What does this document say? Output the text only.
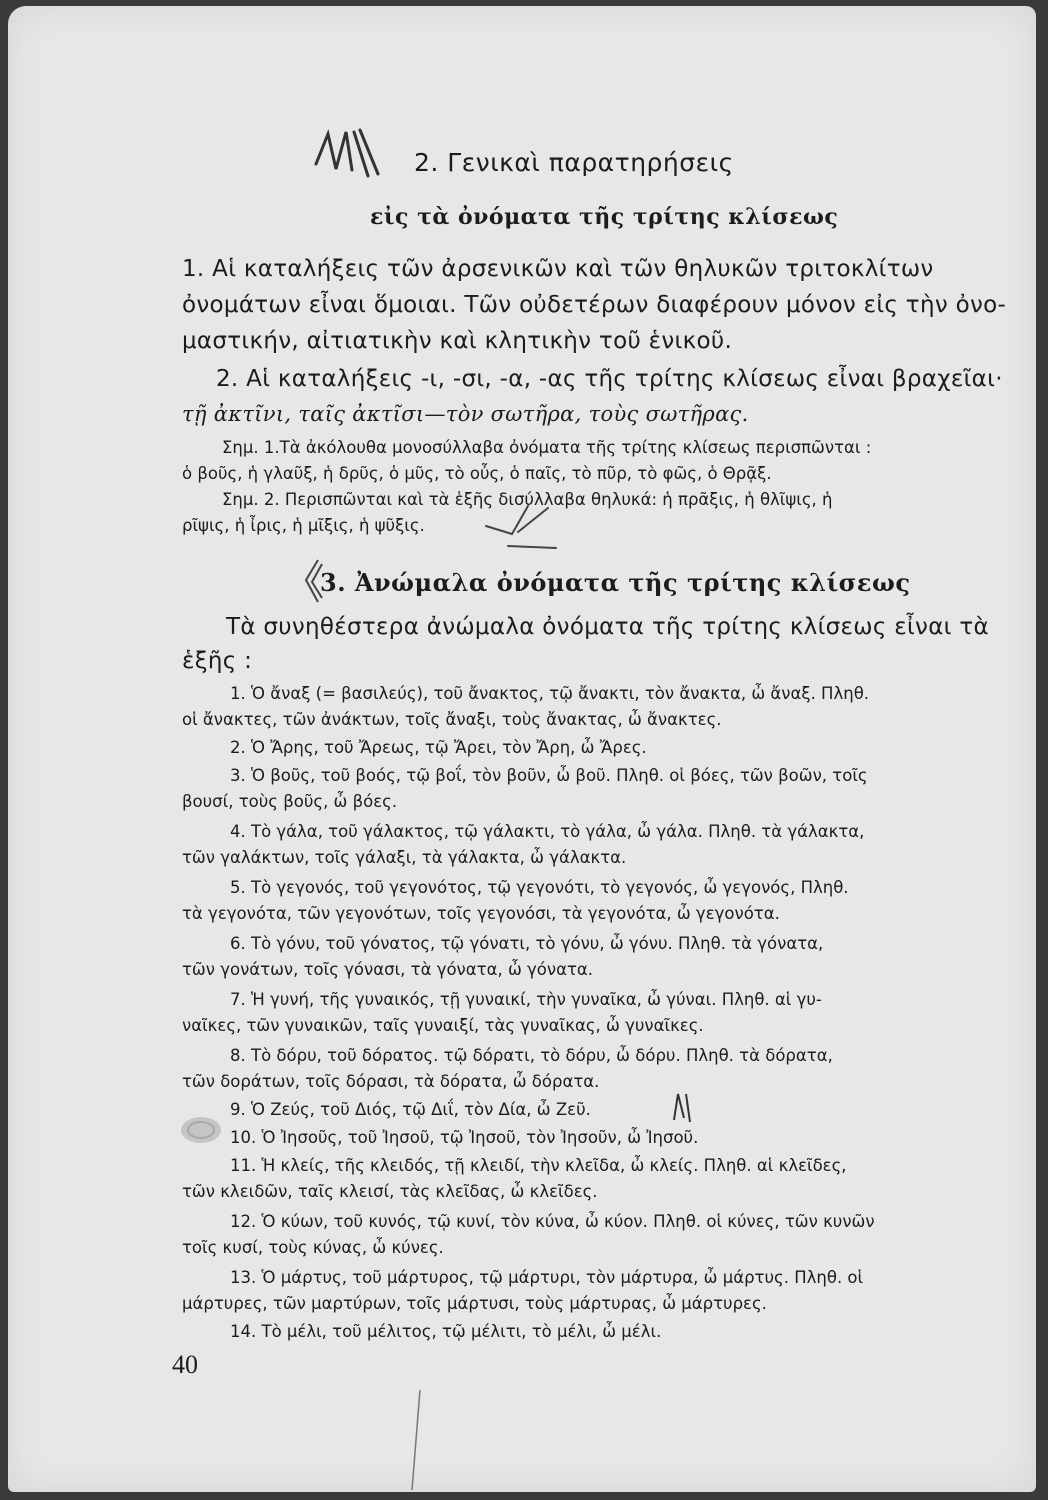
2. Γενικαὶ παρατηρήσεις
εἰς τὰ ὀνόματα τῆς τρίτης κλίσεως
1. Αἱ καταλήξεις τῶν ἀρσενικῶν καὶ τῶν θηλυκῶν τριτοκλίτων
ὀνομάτων εἶναι ὅμοιαι. Τῶν οὐδετέρων διαφέρουν μόνον εἰς τὴν ὀνο-
μαστικήν, αἰτιατικὴν καὶ κλητικὴν τοῦ ἑνικοῦ.
2. Αἱ καταλήξεις -ι, -σι, -α, -ας τῆς τρίτης κλίσεως εἶναι βραχεῖαι·
τῇ ἀκτῖνι, ταῖς ἀκτῖσι—τὸν σωτῆρα, τοὺς σωτῆρας.
Σημ. 1.Τὰ ἀκόλουθα μονοσύλλαβα ὀνόματα τῆς τρίτης κλίσεως περισπῶνται :
ὁ βοῦς, ἡ γλαῦξ, ἡ δρῦς, ὁ μῦς, τὸ οὖς, ὁ παῖς, τὸ πῦρ, τὸ φῶς, ὁ Θρᾷξ.
Σημ. 2. Περισπῶνται καὶ τὰ ἑξῆς δισύλλαβα θηλυκά: ἡ πρᾶξις, ἡ θλῖψις, ἡ
ρῖψις, ἡ ἶρις, ἡ μῖξις, ἡ ψῦξις.
3. Ἀνώμαλα ὀνόματα τῆς τρίτης κλίσεως
Τὰ συνηθέστερα ἀνώμαλα ὀνόματα τῆς τρίτης κλίσεως εἶναι τὰ
ἑξῆς :
1. Ὁ ἄναξ (= βασιλεύς), τοῦ ἄνακτος, τῷ ἄνακτι, τὸν ἄνακτα, ὦ ἄναξ. Πληθ.
οἱ ἄνακτες, τῶν ἀνάκτων, τοῖς ἄναξι, τοὺς ἄνακτας, ὦ ἄνακτες.
2. Ὁ Ἄρης, τοῦ Ἄρεως, τῷ Ἄρει, τὸν Ἄρη, ὦ Ἄρες.
3. Ὁ βοῦς, τοῦ βοός, τῷ βοΐ, τὸν βοῦν, ὦ βοῦ. Πληθ. οἱ βόες, τῶν βοῶν, τοῖς
βουσί, τοὺς βοῦς, ὦ βόες.
4. Τὸ γάλα, τοῦ γάλακτος, τῷ γάλακτι, τὸ γάλα, ὦ γάλα. Πληθ. τὰ γάλακτα,
τῶν γαλάκτων, τοῖς γάλαξι, τὰ γάλακτα, ὦ γάλακτα.
5. Τὸ γεγονός, τοῦ γεγονότος, τῷ γεγονότι, τὸ γεγονός, ὦ γεγονός, Πληθ.
τὰ γεγονότα, τῶν γεγονότων, τοῖς γεγονόσι, τὰ γεγονότα, ὦ γεγονότα.
6. Τὸ γόνυ, τοῦ γόνατος, τῷ γόνατι, τὸ γόνυ, ὦ γόνυ. Πληθ. τὰ γόνατα,
τῶν γονάτων, τοῖς γόνασι, τὰ γόνατα, ὦ γόνατα.
7. Ἡ γυνή, τῆς γυναικός, τῇ γυναικί, τὴν γυναῖκα, ὦ γύναι. Πληθ. αἱ γυ-
ναῖκες, τῶν γυναικῶν, ταῖς γυναιξί, τὰς γυναῖκας, ὦ γυναῖκες.
8. Τὸ δόρυ, τοῦ δόρατος. τῷ δόρατι, τὸ δόρυ, ὦ δόρυ. Πληθ. τὰ δόρατα,
τῶν δοράτων, τοῖς δόρασι, τὰ δόρατα, ὦ δόρατα.
9. Ὁ Ζεύς, τοῦ Διός, τῷ Διΐ, τὸν Δία, ὦ Ζεῦ.
10. Ὁ Ἰησοῦς, τοῦ Ἰησοῦ, τῷ Ἰησοῦ, τὸν Ἰησοῦν, ὦ Ἰησοῦ.
11. Ἡ κλείς, τῆς κλειδός, τῇ κλειδί, τὴν κλεῖδα, ὦ κλείς. Πληθ. αἱ κλεῖδες,
τῶν κλειδῶν, ταῖς κλεισί, τὰς κλεῖδας, ὦ κλεῖδες.
12. Ὁ κύων, τοῦ κυνός, τῷ κυνί, τὸν κύνα, ὦ κύον. Πληθ. οἱ κύνες, τῶν κυνῶν
τοῖς κυσί, τοὺς κύνας, ὦ κύνες.
13. Ὁ μάρτυς, τοῦ μάρτυρος, τῷ μάρτυρι, τὸν μάρτυρα, ὦ μάρτυς. Πληθ. οἱ
μάρτυρες, τῶν μαρτύρων, τοῖς μάρτυσι, τοὺς μάρτυρας, ὦ μάρτυρες.
14. Τὸ μέλι, τοῦ μέλιτος, τῷ μέλιτι, τὸ μέλι, ὦ μέλι.
40
